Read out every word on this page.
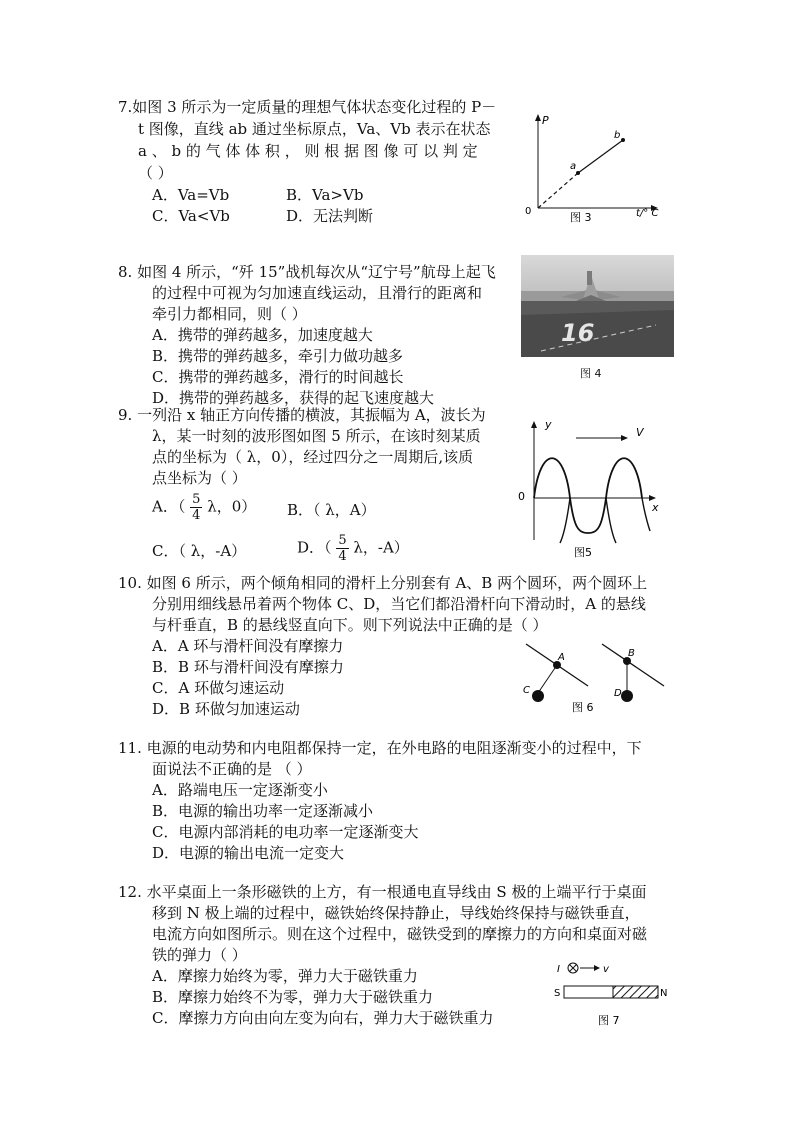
7.如图 3 所示为一定质量的理想气体状态变化过程的 P－
t 图像，直线 ab 通过坐标原点，Va、Vb 表示在状态
a 、 b 的 气 体 体 积 ， 则 根 据 图 像 可 以 判 定
（ ）
A．Va=Vb	B．Va>Vb
C．Va<Vb	D．无法判断
P
0	t/° C
a
b
图 3
8. 如图 4 所示，“歼 15”战机每次从“辽宁号”航母上起飞
的过程中可视为匀加速直线运动，且滑行的距离和
牵引力都相同，则（ ）
A．携带的弹药越多，加速度越大
B．携带的弹药越多，牵引力做功越多
C．携带的弹药越多，滑行的时间越长
D．携带的弹药越多，获得的起飞速度越大
16
图 4
9. 一列沿 x 轴正方向传播的横波，其振幅为 A，波长为
λ，某一时刻的波形图如图 5 所示，在该时刻某质
点的坐标为（ λ，0），经过四分之一周期后,该质
点坐标为（ ）
A．（ $\frac{5}{4}$ λ，0） B．（ λ，A）
C．（ λ，-A）	D．（ $\frac{5}{4}$ λ，-A）
y
V
0
x
图5
10. 如图 6 所示，两个倾角相同的滑杆上分别套有 A、B 两个圆环，两个圆环上
分别用细线悬吊着两个物体 C、D，当它们都沿滑杆向下滑动时，A 的悬线
与杆垂直，B 的悬线竖直向下。则下列说法中正确的是（ ）
A．A 环与滑杆间没有摩擦力
B．B 环与滑杆间没有摩擦力
C．A 环做匀速运动
D．B 环做匀加速运动
A	B
C	D
图 6
11. 电源的电动势和内电阻都保持一定，在外电路的电阻逐渐变小的过程中，下
面说法不正确的是 （ ）
A．路端电压一定逐渐变小
B．电源的输出功率一定逐渐减小
C．电源内部消耗的电功率一定逐渐变大
D．电源的输出电流一定变大
12. 水平桌面上一条形磁铁的上方，有一根通电直导线由 S 极的上端平行于桌面
移到 N 极上端的过程中，磁铁始终保持静止，导线始终保持与磁铁垂直，
电流方向如图所示。则在这个过程中，磁铁受到的摩擦力的方向和桌面对磁
铁的弹力（ ）
A．摩擦力始终为零，弹力大于磁铁重力
B．摩擦力始终不为零，弹力大于磁铁重力
C．摩擦力方向由向左变为向右，弹力大于磁铁重力
I	v
S	N
图 7
